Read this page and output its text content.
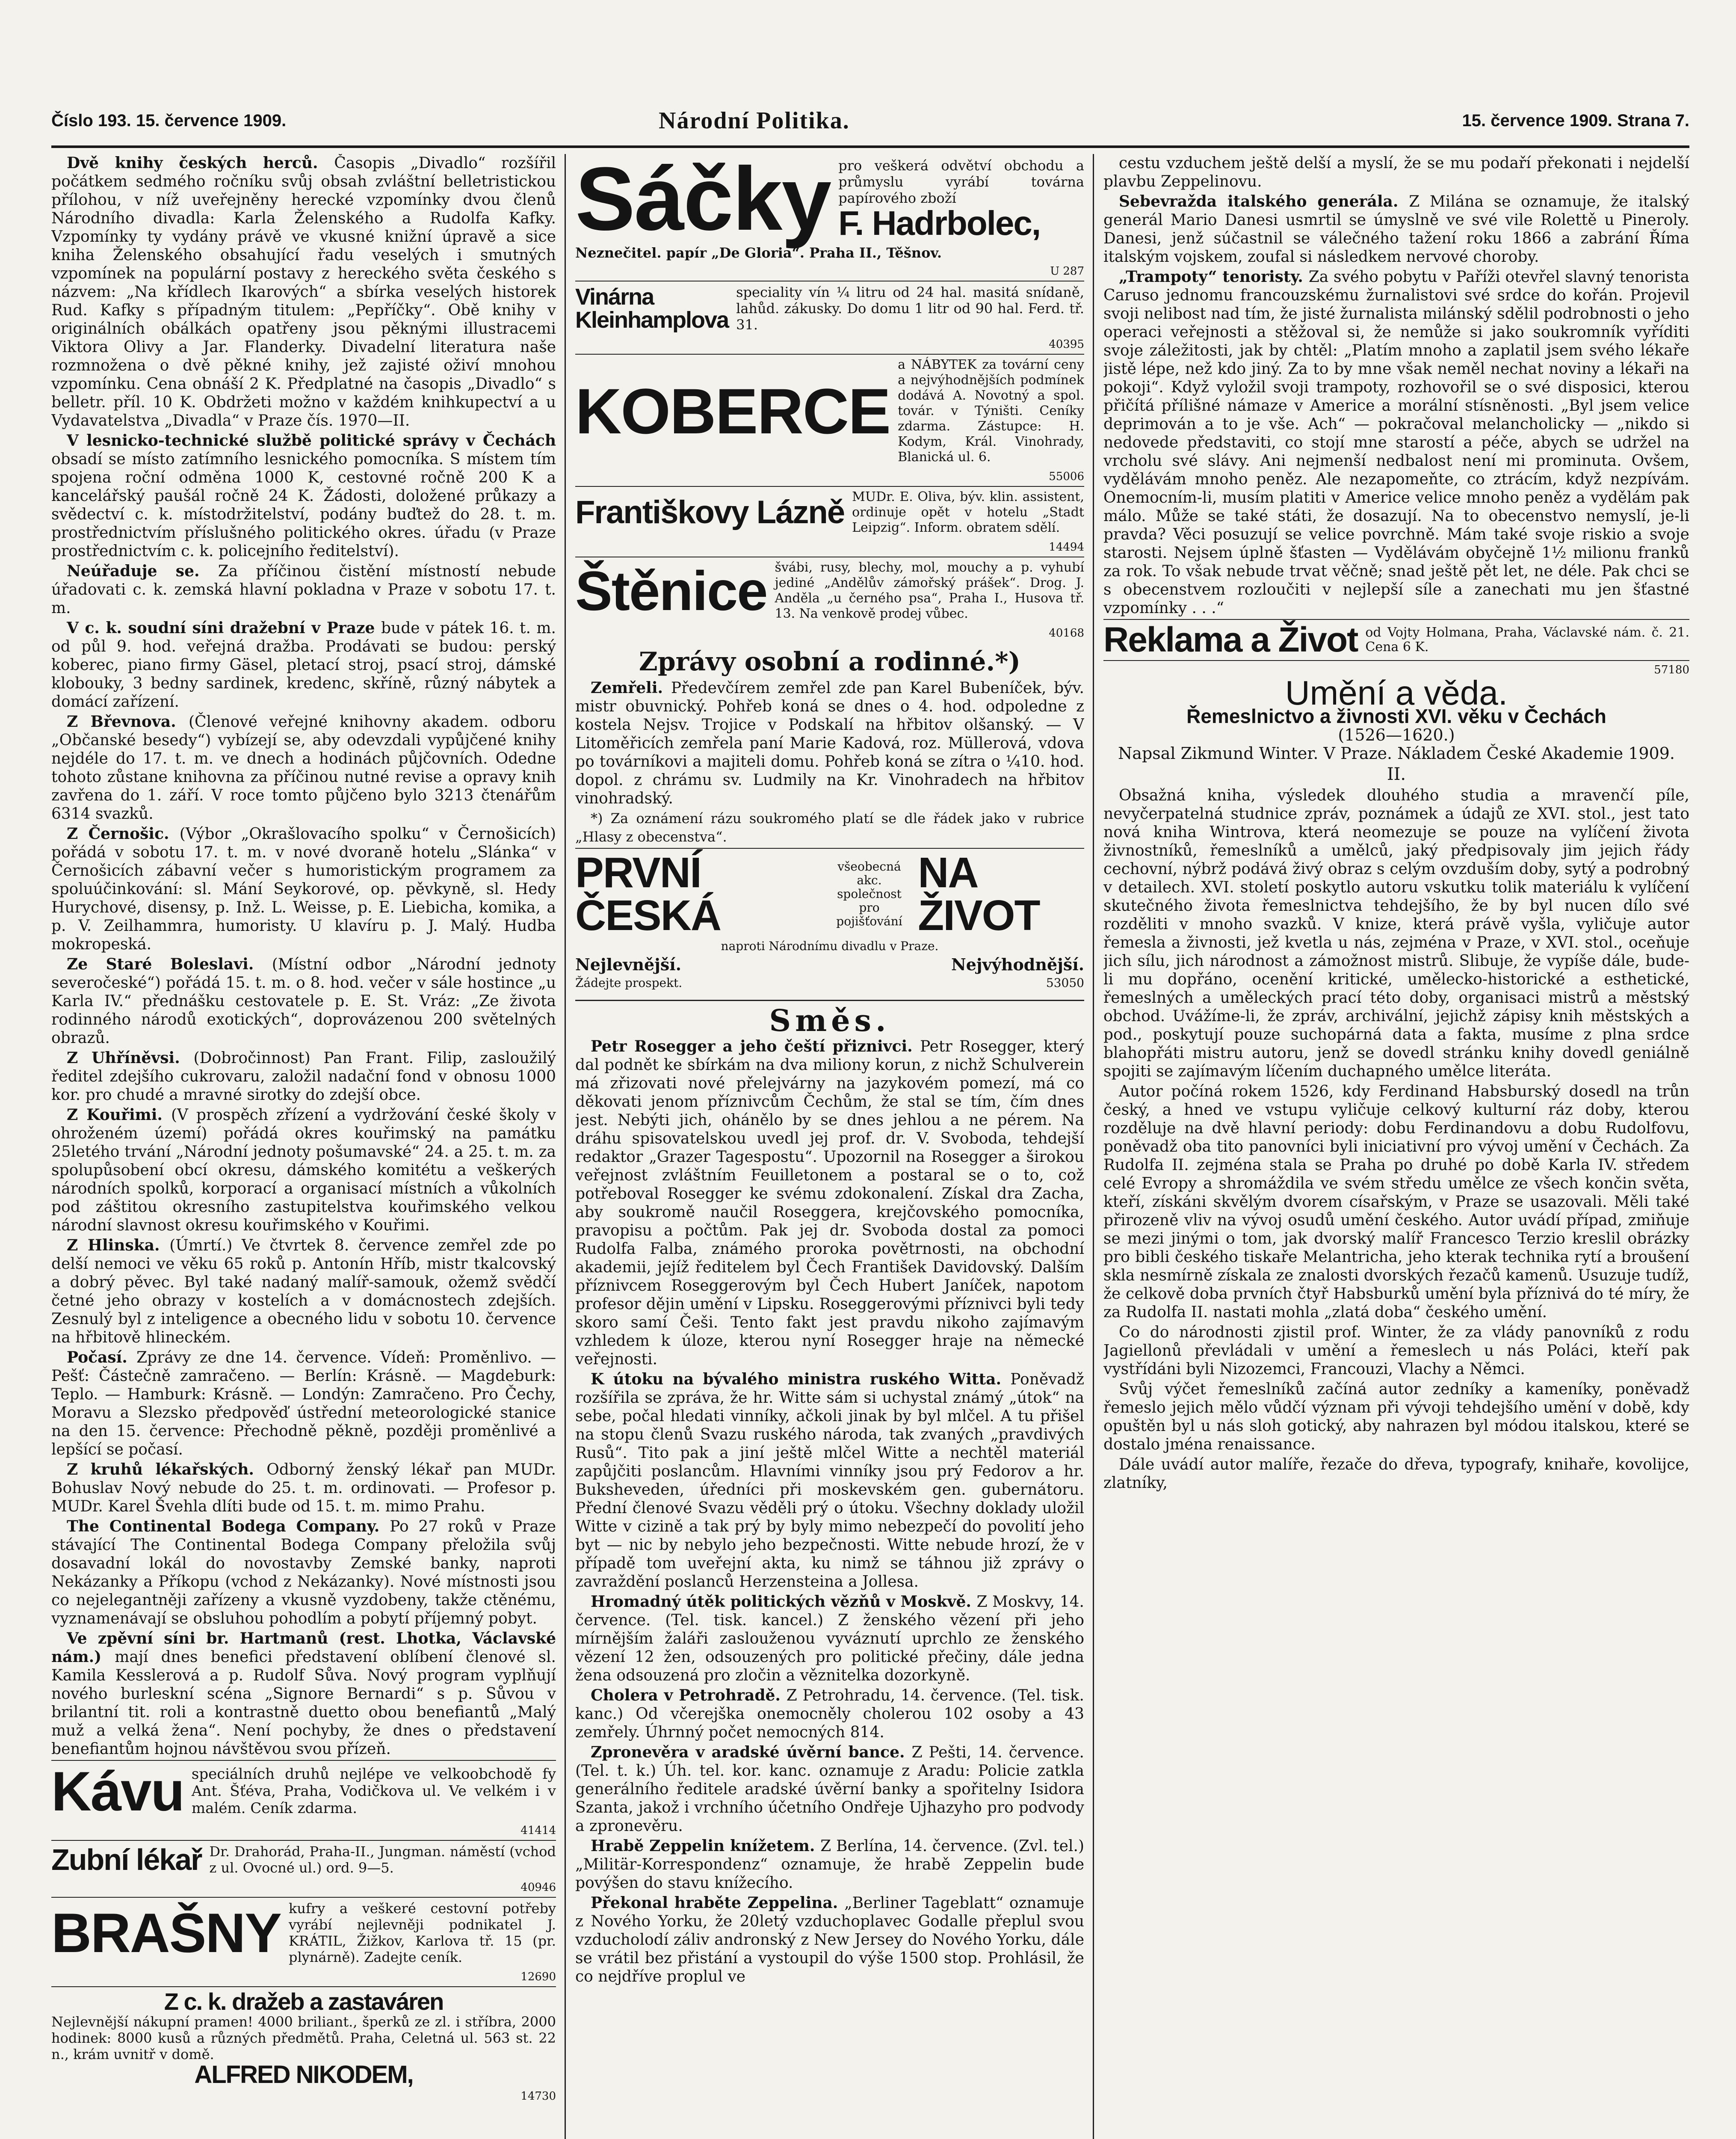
Číslo 193. 15. července 1909.	Národní Politika.	15. července 1909. Strana 7.

Dvě knihy českých herců. Časopis „Divadlo“ rozšířil počátkem sedmého ročníku svůj obsah zvláštní belletristickou přílohou, v níž uveřejněny herecké vzpomínky dvou členů Národního divadla: Karla Želenského a Rudolfa Kafky. Vzpomínky ty vydány právě ve vkusné knižní úpravě a sice kniha Želenského obsahující řadu veselých i smutných vzpomínek na populární postavy z hereckého světa českého s názvem: „Na křídlech Ikarových“ a sbírka veselých historek Rud. Kafky s případným titulem: „Pepříčky“. Obě knihy v originálních obálkách opatřeny jsou pěknými illustracemi Viktora Olivy a Jar. Flanderky. Divadelní literatura naše rozmnožena o dvě pěkné knihy, jež zajisté oživí mnohou vzpomínku. Cena obnáší 2 K. Předplatné na časopis „Divadlo“ s belletr. příl. 10 K. Obdržeti možno v každém knihkupectví a u Vydavatelstva „Divadla“ v Praze čís. 1970—II.

V lesnicko-technické službě politické správy v Čechách obsadí se místo zatímního lesnického pomocníka. S místem tím spojena roční odměna 1000 K, cestovné ročně 200 K a kancelářský paušál ročně 24 K. Žádosti, doložené průkazy a svědectví c. k. místodržitelství, podány buďtež do 28. t. m. prostřednictvím příslušného politického okres. úřadu (v Praze prostřednictvím c. k. policejního ředitelství).

Neúřaduje se. Za příčinou čistění místností nebude úřadovati c. k. zemská hlavní pokladna v Praze v sobotu 17. t. m.

V c. k. soudní síni dražební v Praze bude v pátek 16. t. m. od půl 9. hod. veřejná dražba. Prodávati se budou: perský koberec, piano firmy Gäsel, pletací stroj, psací stroj, dámské klobouky, 3 bedny sardinek, kredenc, skříně, různý nábytek a domácí zařízení.

Z Břevnova. (Členové veřejné knihovny akadem. odboru „Občanské besedy“) vybízejí se, aby odevzdali vypůjčené knihy nejdéle do 17. t. m. ve dnech a hodinách půjčovních. Odedne tohoto zůstane knihovna za příčinou nutné revise a opravy knih zavřena do 1. září. V roce tomto půjčeno bylo 3213 čtenářům 6314 svazků.

Z Černošic. (Výbor „Okrašlovacího spolku“ v Černošicích) pořádá v sobotu 17. t. m. v nové dvoraně hotelu „Slánka“ v Černošicích zábavní večer s humoristickým programem za spoluúčinkování: sl. Mání Seykorové, op. pěvkyně, sl. Hedy Hurychové, disensy, p. Inž. L. Weisse, p. E. Liebicha, komika, a p. V. Zeilhammra, humoristy. U klavíru p. J. Malý. Hudba mokropeská.

Ze Staré Boleslavi. (Místní odbor „Národní jednoty severočeské“) pořádá 15. t. m. o 8. hod. večer v sále hostince „u Karla IV.“ přednášku cestovatele p. E. St. Vráz: „Ze života rodinného národů exotických“, doprovázenou 200 světelných obrazů.

Z Uhříněvsi. (Dobročinnost) Pan Frant. Filip, zasloužilý ředitel zdejšího cukrovaru, založil nadační fond v obnosu 1000 kor. pro chudé a mravné sirotky do zdejší obce.

Z Kouřimi. (V prospěch zřízení a vydržování české školy v ohroženém území) pořádá okres kouřimský na památku 25letého trvání „Národní jednoty pošumavské“ 24. a 25. t. m. za spolupůsobení obcí okresu, dámského komitétu a veškerých národních spolků, korporací a organisací místních a vůkolních pod záštitou okresního zastupitelstva kouřimského velkou národní slavnost okresu kouřimského v Kouřimi.

Z Hlinska. (Úmrtí.) Ve čtvrtek 8. července zemřel zde po delší nemoci ve věku 65 roků p. Antonín Hříb, mistr tkalcovský a dobrý pěvec. Byl také nadaný malíř-samouk, ožemž svědčí četné jeho obrazy v kostelích a v domácnostech zdejších. Zesnulý byl z inteligence a obecného lidu v sobotu 10. července na hřbitově hlineckém.

Počasí. Zprávy ze dne 14. července. Vídeň: Proměnlivo. — Pešť: Částečně zamračeno. — Berlín: Krásně. — Magdeburk: Teplo. — Hamburk: Krásně. — Londýn: Zamračeno. Pro Čechy, Moravu a Slezsko předpověď ústřední meteorologické stanice na den 15. července: Přechodně pěkně, později proměnlivé a lepšící se počasí.

Z kruhů lékařských. Odborný ženský lékař pan MUDr. Bohuslav Nový nebude do 25. t. m. ordinovati. — Profesor p. MUDr. Karel Švehla dlíti bude od 15. t. m. mimo Prahu.

The Continental Bodega Company. Po 27 roků v Praze stávající The Continental Bodega Company přeložila svůj dosavadní lokál do novostavby Zemské banky, naproti Nekázanky a Příkopu (vchod z Nekázanky). Nové místnosti jsou co nejelegantněji zařízeny a vkusně vyzdobeny, takže ctěnému, vyznamenávají se obsluhou pohodlím a pobytí příjemný pobyt.

Ve zpěvní síni br. Hartmanů (rest. Lhotka, Václavské nám.) mají dnes benefici představení oblíbení členové sl. Kamila Kesslerová a p. Rudolf Sůva. Nový program vyplňují nového burleskní scéna „Signore Bernardi“ s p. Sůvou v brilantní tit. roli a kontrastně duetto obou benefiantů „Malý muž a velká žena“. Není pochyby, že dnes o představení benefiantům hojnou návštěvou svou přízeň.

Kávu speciálních druhů nejlépe ve velkoobchodě fy Ant. Šťéva, Praha, Vodičkova ul. Ve velkém i v malém. Ceník zdarma.
41414
Zubní lékař Dr. Drahorád, Praha-II., Jungman. náměstí (vchod z ul. Ovocné ul.) ord. 9—5.
40946
BRAŠNY kufry a veškeré cestovní potřeby vyrábí nejlevněji podnikatel J. KRÁTIL, Žižkov, Karlova tř. 15 (pr. plynárně). Zadejte ceník.
12690
Z c. k. dražeb a zastaváren
Nejlevnější nákupní pramen! 4000 briliant., šperků ze zl. i stříbra, 2000 hodinek: 8000 kusů a různých předmětů. Praha, Celetná ul. 563 st. 22 n., krám uvnitř v domě.
ALFRED NIKODEM,
14730
Sáčky pro veškerá odvětví obchodu a průmyslu vyrábí továrna papírového zboží
F. Hadrbolec,
Neznečitel. papír „De Gloria“. Praha II., Těšnov.
U 287
Vinárna Kleinhamplova
speciality vín ¼ litru od 24 hal. masitá snídaně, lahůd. zákusky. Do domu 1 litr od 90 hal. Ferd. tř. 31.
40395
KOBERCE
a NÁBYTEK za tovární ceny a nejvýhodnějších podmínek dodává A. Novotný a spol. továr. v Týništi. Ceníky zdarma. Zástupce: H. Kodym, Král. Vinohrady, Blanická ul. 6.
55006
Františkovy Lázně MUDr. E. Oliva, býv. klin. assistent, ordinuje opět v hotelu „Stadt Leipzig“. Inform. obratem sdělí.
14494
Štěnice švábi, rusy, blechy, mol, mouchy a p. vyhubí jediné „Andělův zámořský prášek“. Drog. J. Anděla „u černého psa“, Praha I., Husova tř. 13. Na venkově prodej vůbec.
40168
Zprávy osobní a rodinné.*)

Zemřeli. Předevčírem zemřel zde pan Karel Bubeníček, býv. mistr obuvnický. Pohřeb koná se dnes o 4. hod. odpoledne z kostela Nejsv. Trojice v Podskalí na hřbitov olšanský. — V Litoměřicích zemřela paní Marie Kadová, roz. Müllerová, vdova po továrníkovi a majiteli domu. Pohřeb koná se zítra o ¼10. hod. dopol. z chrámu sv. Ludmily na Kr. Vinohradech na hřbitov vinohradský.

*) Za oznámení rázu soukromého platí se dle řádek jako v rubrice „Hlasy z obecenstva“.

PRVNÍ ČESKÁ
všeobecná akc. společnost pro pojišťování
NA ŽIVOT
naproti Národnímu divadlu v Praze.
Nejlevnější.	Nejvýhodnější.
Žádejte prospekt.	53050
Směs.

Petr Rosegger a jeho čeští přiznivci. Petr Rosegger, který dal podnět ke sbírkám na dva miliony korun, z nichž Schulverein má zřizovati nové přelejvárny na jazykovém pomezí, má co děkovati jenom příznivcům Čechům, že stal se tím, čím dnes jest. Nebýti jich, ohánělo by se dnes jehlou a ne pérem. Na dráhu spisovatelskou uvedl jej prof. dr. V. Svoboda, tehdejší redaktor „Grazer Tagespostu“. Upozornil na Rosegger a širokou veřejnost zvláštním Feuilletonem a postaral se o to, což potřeboval Rosegger ke svému zdokonalení. Získal dra Zacha, aby soukromě naučil Roseggera, krejčovského pomocníka, pravopisu a počtům. Pak jej dr. Svoboda dostal za pomoci Rudolfa Falba, známého proroka povětrnosti, na obchodní akademii, jejíž ředitelem byl Čech František Davidovský. Dalším příznivcem Roseggerovým byl Čech Hubert Janíček, napotom profesor dějin umění v Lipsku. Roseggerovými příznivci byli tedy skoro samí Češi. Tento fakt jest pravdu nikoho zajímavým vzhledem k úloze, kterou nyní Rosegger hraje na německé veřejnosti.

K útoku na bývalého ministra ruského Witta. Poněvadž rozšířila se zpráva, že hr. Witte sám si uchystal známý „útok“ na sebe, počal hledati vinníky, ačkoli jinak by byl mlčel. A tu přišel na stopu členů Svazu ruského národa, tak zvaných „pravdivých Rusů“. Tito pak a jiní ještě mlčel Witte a nechtěl materiál zapůjčiti poslancům. Hlavními vinníky jsou prý Fedorov a hr. Buksheveden, úředníci při moskevském gen. gubernátoru. Přední členové Svazu věděli prý o útoku. Všechny doklady uložil Witte v cizině a tak prý by byly mimo nebezpečí do povolití jeho byt — nic by nebylo jeho bezpečnosti. Witte nebude hrozí, že v případě tom uveřejní akta, ku nimž se táhnou již zprávy o zavraždění poslanců Herzensteina a Jollesa.

Hromadný útěk politických vězňů v Moskvě. Z Moskvy, 14. července. (Tel. tisk. kancel.) Z ženského vězení při jeho mírnějším žaláři zaslouženou vyváznutí uprchlo ze ženského vězení 12 žen, odsouzených pro politické přečiny, dále jedna žena odsouzená pro zločin a věznitelka dozorkyně.

Cholera v Petrohradě. Z Petrohradu, 14. července. (Tel. tisk. kanc.) Od včerejška onemocněly cholerou 102 osoby a 43 zemřely. Úhrnný počet nemocných 814.

Zpronevěra v aradské úvěrní bance. Z Pešti, 14. července. (Tel. t. k.) Úh. tel. kor. kanc. oznamuje z Aradu: Policie zatkla generálního ředitele aradské úvěrní banky a spořitelny Isidora Szanta, jakož i vrchního účetního Ondřeje Ujhazyho pro podvody a zpronevěru.

Hrabě Zeppelin knížetem. Z Berlína, 14. července. (Zvl. tel.) „Militär-Korrespondenz“ oznamuje, že hrabě Zeppelin bude povýšen do stavu knížecího.

Překonal hraběte Zeppelina. „Berliner Tageblatt“ oznamuje z Nového Yorku, že 20letý vzduchoplavec Godalle přeplul svou vzducholodí záliv andronský z New Jersey do Nového Yorku, dále se vrátil bez přistání a vystoupil do výše 1500 stop. Prohlásil, že co nejdříve proplul ve

cestu vzduchem ještě delší a myslí, že se mu podaří překonati i nejdelší plavbu Zeppelinovu.

Sebevražda italského generála. Z Milána se oznamuje, že italský generál Mario Danesi usmrtil se úmyslně ve své vile Rolettě u Pineroly. Danesi, jenž súčastnil se válečného tažení roku 1866 a zabrání Říma italským vojskem, zoufal si následkem nervové choroby.

„Trampoty“ tenoristy. Za svého pobytu v Paříži otevřel slavný tenorista Caruso jednomu francouzskému žurnalistovi své srdce do kořán. Projevil svoji nelibost nad tím, že jisté žurnalista milánský sdělil podrobnosti o jeho operaci veřejnosti a stěžoval si, že nemůže si jako soukromník vyříditi svoje záležitosti, jak by chtěl: „Platím mnoho a zaplatil jsem svého lékaře jistě lépe, než kdo jiný. Za to by mne však neměl nechat noviny a lékaři na pokoji“. Když vyložil svoji trampoty, rozhovořil se o své disposici, kterou přičítá přílišné námaze v Americe a morální stísněnosti. „Byl jsem velice deprimován a to je vše. Ach“ — pokračoval melancholicky — „nikdo si nedovede představiti, co stojí mne starostí a péče, abych se udržel na vrcholu své slávy. Ani nejmenší nedbalost není mi prominuta. Ovšem, vydělávám mnoho peněz. Ale nezapomeňte, co ztrácím, když nezpívám. Onemocním-li, musím platiti v Americe velice mnoho peněz a vydělám pak málo. Může se také státi, že dosazují. Na to obecenstvo nemyslí, je-li pravda? Věci posuzují se velice povrchně. Mám také svoje riskio a svoje starosti. Nejsem úplně šťasten — Vydělávám obyčejně 1½ milionu franků za rok. To však nebude trvat věčně; snad ještě pět let, ne déle. Pak chci se s obecenstvem rozloučiti v nejlepší síle a zanechati mu jen šťastné vzpomínky . . .“

Reklama a Život od Vojty Holmana, Praha, Václavské nám. č. 21. Cena 6 K.
57180
Umění a věda.
Řemeslnictvo a živnosti XVI. věku v Čechách
(1526—1620.)
Napsal Zikmund Winter. V Praze. Nákladem České Akademie 1909.
II.

Obsažná kniha, výsledek dlouhého studia a mravenčí píle, nevyčerpatelná studnice zpráv, poznámek a údajů ze XVI. stol., jest tato nová kniha Wintrova, která neomezuje se pouze na vylíčení života živnostníků, řemeslníků a umělců, jaký předpisovaly jim jejich řády cechovní, nýbrž podává živý obraz s celým ovzduším doby, sytý a podrobný v detailech. XVI. století poskytlo autoru vskutku tolik materiálu k vylíčení skutečného života řemeslnictva tehdejšího, že by byl nucen dílo své rozděliti v mnoho svazků. V knize, která právě vyšla, vyličuje autor řemesla a živnosti, jež kvetla u nás, zejména v Praze, v XVI. stol., oceňuje jich sílu, jich národnost a zámožnost mistrů. Slibuje, že vypíše dále, bude-li mu dopřáno, ocenění kritické, umělecko-historické a esthetické, řemeslných a uměleckých prací této doby, organisaci mistrů a městský obchod. Uvážíme-li, že zpráv, archivální, jejichž zápisy knih městských a pod., poskytují pouze suchopárná data a fakta, musíme z plna srdce blahopřáti mistru autoru, jenž se dovedl stránku knihy dovedl geniálně spojiti se zajímavým líčením duchapného umělce literáta.

Autor počíná rokem 1526, kdy Ferdinand Habsburský dosedl na trůn český, a hned ve vstupu vyličuje celkový kulturní ráz doby, kterou rozděluje na dvě hlavní periody: dobu Ferdinandovu a dobu Rudolfovu, poněvadž oba tito panovníci byli iniciativní pro vývoj umění v Čechách. Za Rudolfa II. zejména stala se Praha po druhé po době Karla IV. středem celé Evropy a shromáždila ve svém středu umělce ze všech končin světa, kteří, získáni skvělým dvorem císařským, v Praze se usazovali. Měli také přirozeně vliv na vývoj osudů umění českého. Autor uvádí případ, zmiňuje se mezi jinými o tom, jak dvorský malíř Francesco Terzio kreslil obrázky pro bibli českého tiskaře Melantricha, jeho kterak technika rytí a broušení skla nesmírně získala ze znalosti dvorských řezačů kamenů. Usuzuje tudíž, že celkově doba prvních čtyř Habsburků umění byla příznivá do té míry, že za Rudolfa II. nastati mohla „zlatá doba“ českého umění.

Co do národnosti zjistil prof. Winter, že za vlády panovníků z rodu Jagiellonů převládali v umění a řemeslech u nás Poláci, kteří pak vystřídáni byli Nizozemci, Francouzi, Vlachy a Němci.

Svůj výčet řemeslníků začíná autor zedníky a kameníky, poněvadž řemeslo jejich mělo vůdčí význam při vývoji tehdejšího umění v době, kdy opuštěn byl u nás sloh gotický, aby nahrazen byl módou italskou, které se dostalo jména renaissance.

Dále uvádí autor malíře, řezače do dřeva, typografy, knihaře, kovolijce, zlatníky,
